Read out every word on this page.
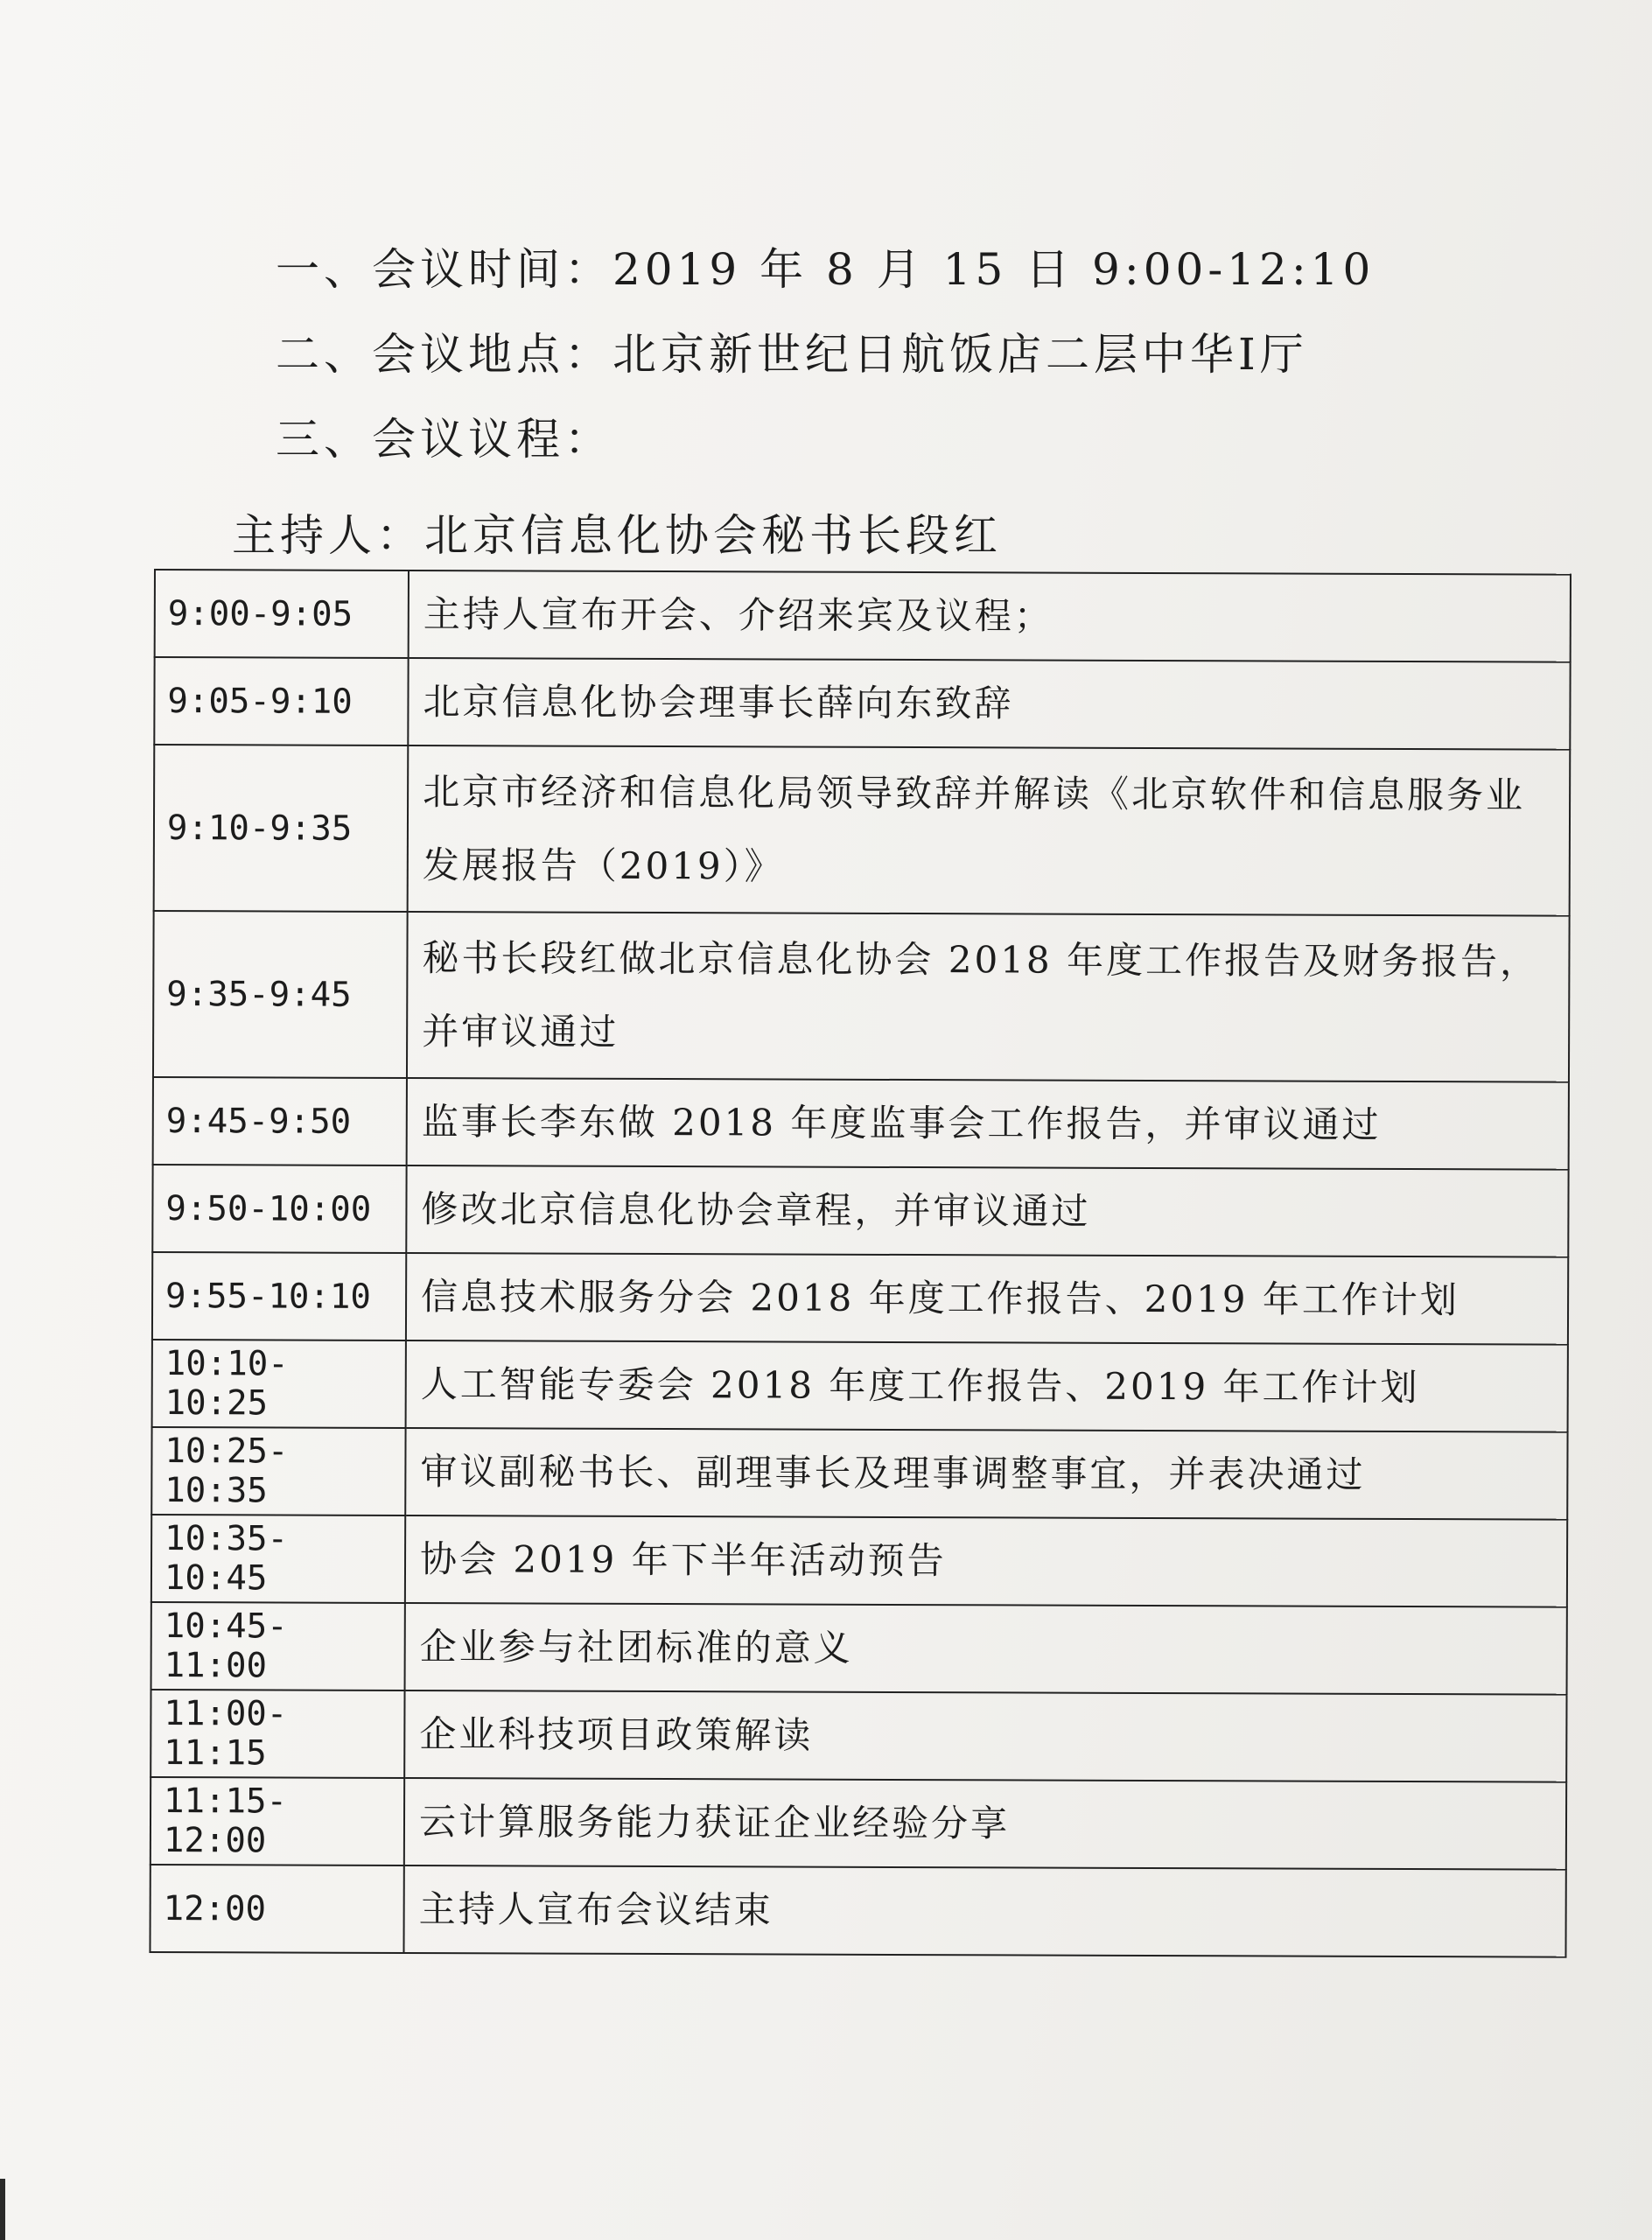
一、会议时间：2019 年 8 月 15 日 9:00-12:10
二、会议地点：北京新世纪日航饭店二层中华Ⅰ厅
三、会议议程：
主持人：北京信息化协会秘书长段红
9:00-9:05	主持人宣布开会、介绍来宾及议程；
9:05-9:10	北京信息化协会理事长薛向东致辞
9:10-9:35	北京市经济和信息化局领导致辞并解读《北京软件和信息服务业发展报告（2019）》
9:35-9:45	秘书长段红做北京信息化协会 2018 年度工作报告及财务报告，并审议通过
9:45-9:50	监事长李东做 2018 年度监事会工作报告，并审议通过
9:50-10:00	修改北京信息化协会章程，并审议通过
9:55-10:10	信息技术服务分会 2018 年度工作报告、2019 年工作计划
10:10-10:25	人工智能专委会 2018 年度工作报告、2019 年工作计划
10:25-10:35	审议副秘书长、副理事长及理事调整事宜，并表决通过
10:35-10:45	协会 2019 年下半年活动预告
10:45-11:00	企业参与社团标准的意义
11:00-11:15	企业科技项目政策解读
11:15-12:00	云计算服务能力获证企业经验分享
12:00	主持人宣布会议结束
